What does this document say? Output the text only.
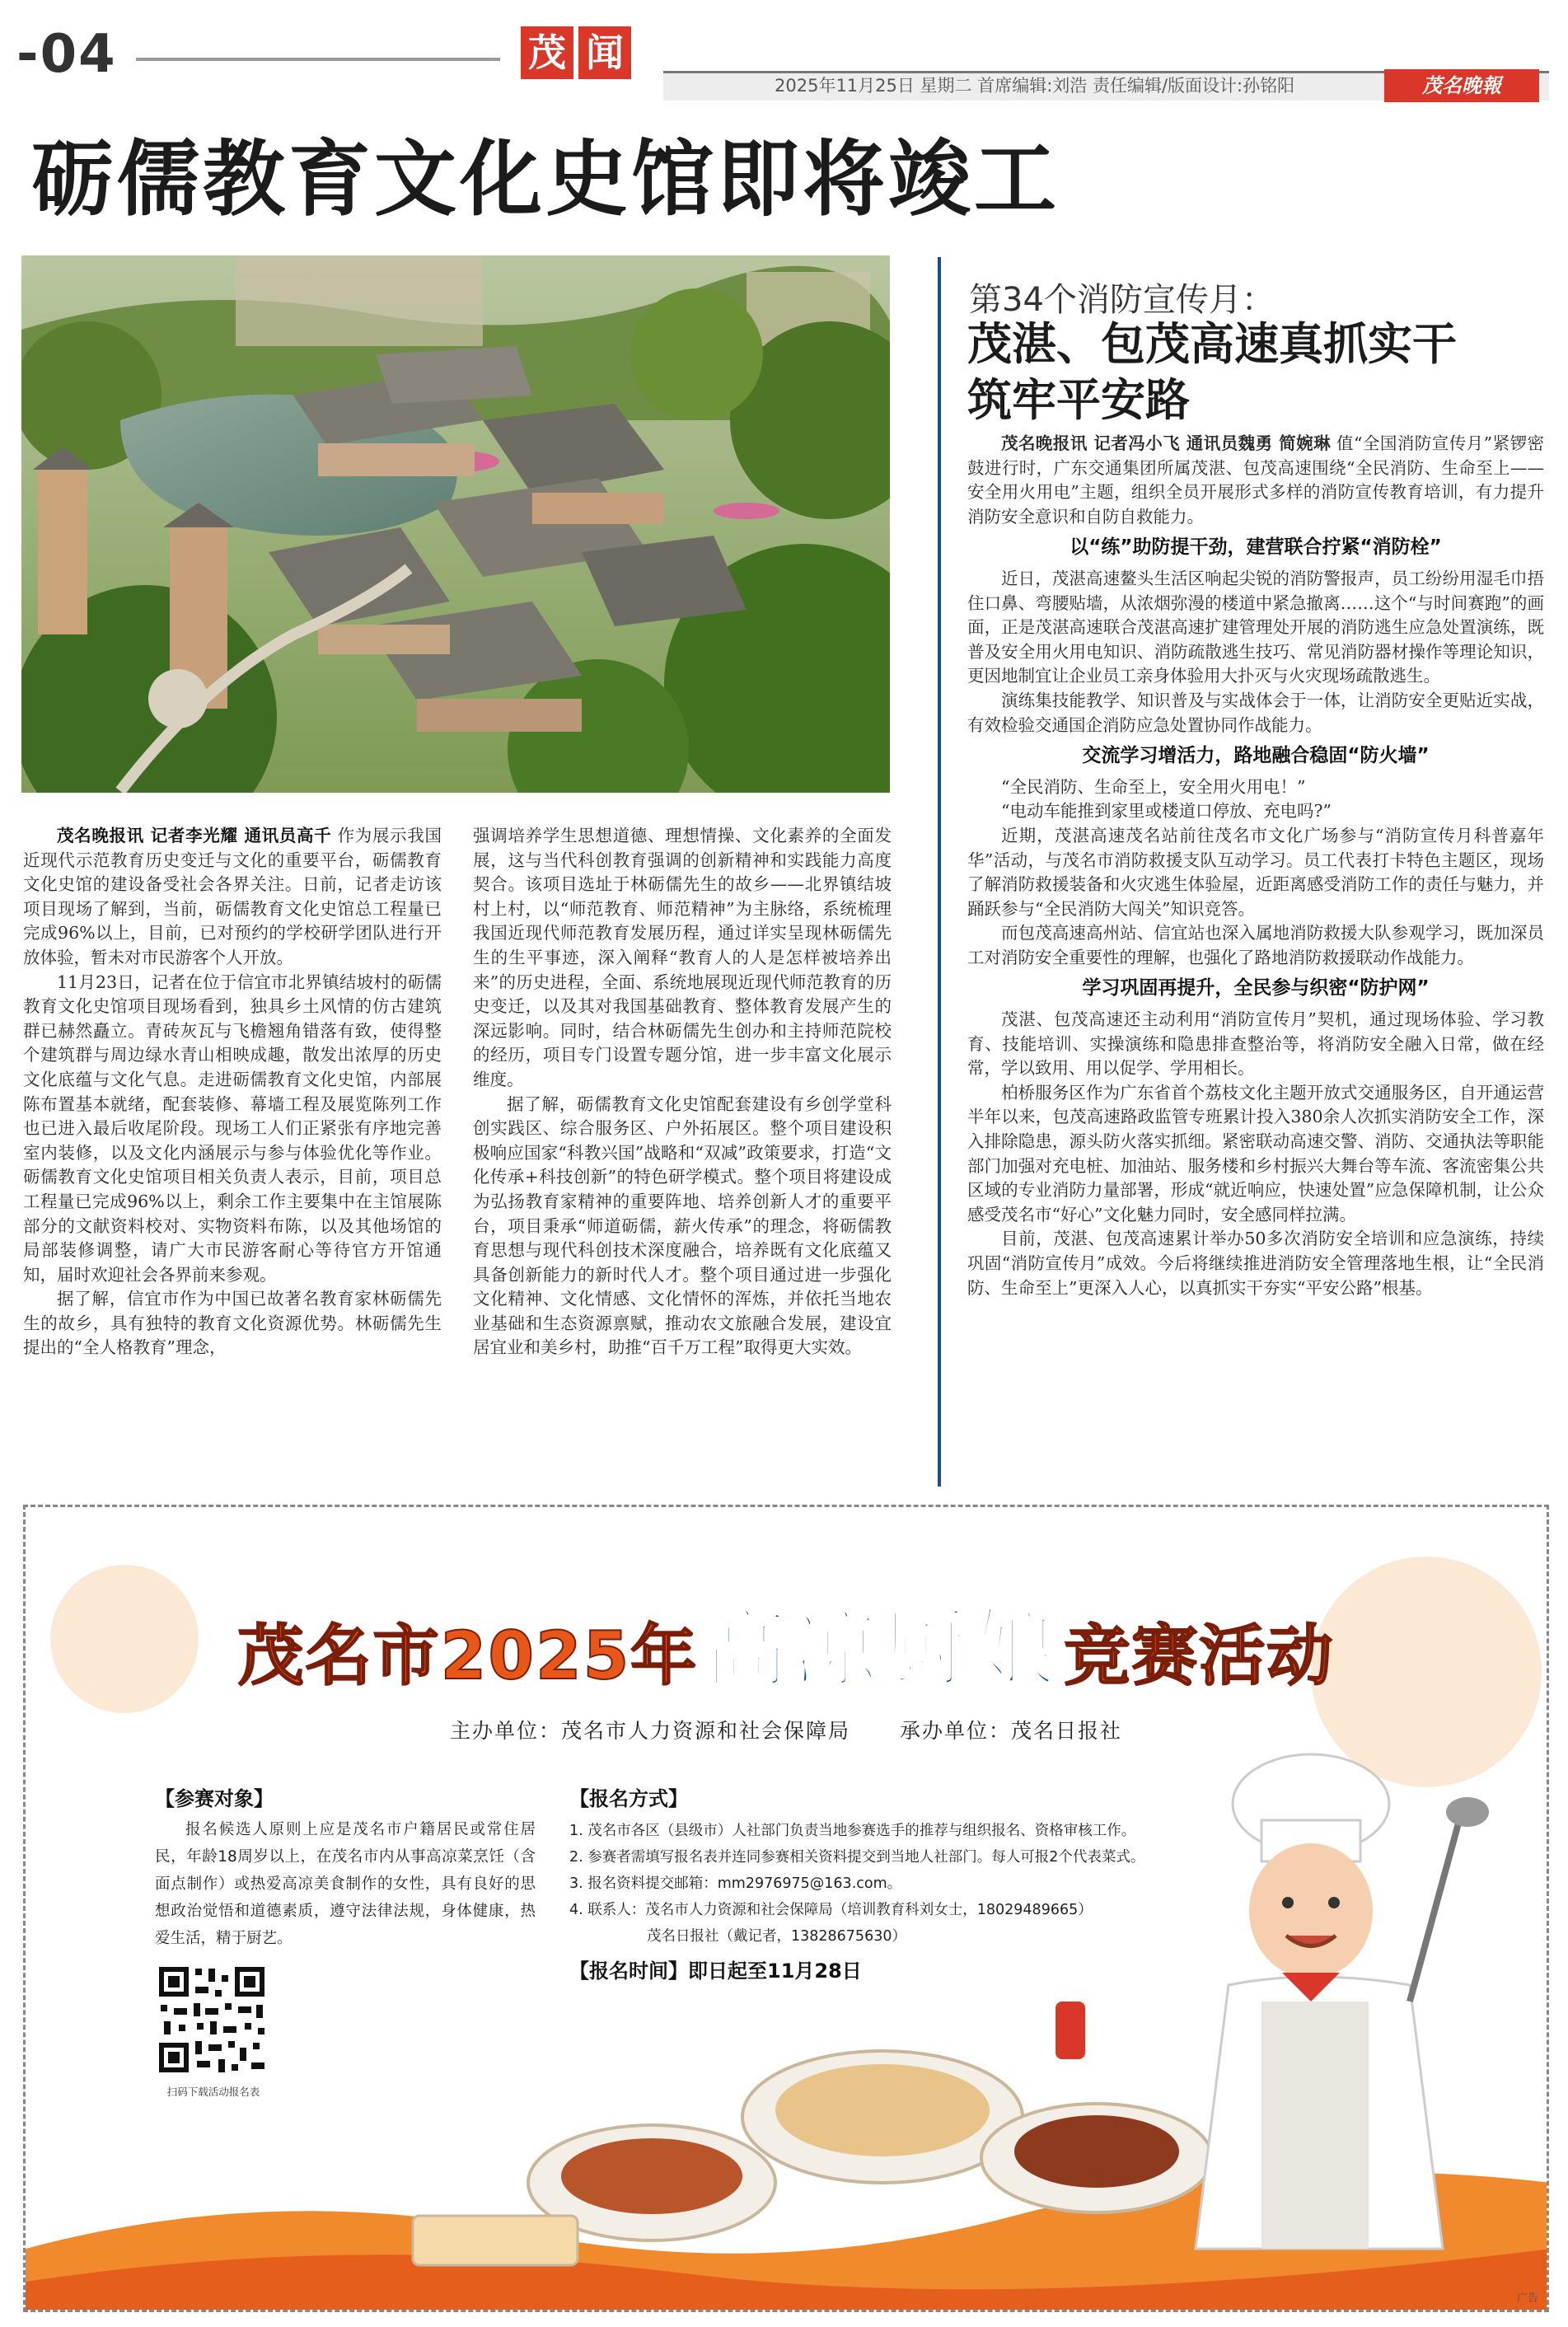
-04	茂 闻
2025年11月25日 星期二 首席编辑:刘浩 责任编辑/版面设计:孙铭阳	茂名晚報
砺儒教育文化史馆即将竣工

茂名晚报讯 记者李光耀 通讯员高千 作为展示我国近现代示范教育历史变迁与文化的重要平台，砺儒教育文化史馆的建设备受社会各界关注。日前，记者走访该项目现场了解到，当前，砺儒教育文化史馆总工程量已完成96%以上，目前，已对预约的学校研学团队进行开放体验，暂未对市民游客个人开放。

11月23日，记者在位于信宜市北界镇结坡村的砺儒教育文化史馆项目现场看到，独具乡土风情的仿古建筑群已赫然矗立。青砖灰瓦与飞檐翘角错落有致，使得整个建筑群与周边绿水青山相映成趣，散发出浓厚的历史文化底蕴与文化气息。走进砺儒教育文化史馆，内部展陈布置基本就绪，配套装修、幕墙工程及展览陈列工作也已进入最后收尾阶段。现场工人们正紧张有序地完善室内装修，以及文化内涵展示与参与体验优化等作业。砺儒教育文化史馆项目相关负责人表示，目前，项目总工程量已完成96%以上，剩余工作主要集中在主馆展陈部分的文献资料校对、实物资料布陈，以及其他场馆的局部装修调整，请广大市民游客耐心等待官方开馆通知，届时欢迎社会各界前来参观。

据了解，信宜市作为中国已故著名教育家林砺儒先生的故乡，具有独特的教育文化资源优势。林砺儒先生提出的“全人格教育”理念，

强调培养学生思想道德、理想情操、文化素养的全面发展，这与当代科创教育强调的创新精神和实践能力高度契合。该项目选址于林砺儒先生的故乡——北界镇结坡村上村，以“师范教育、师范精神”为主脉络，系统梳理我国近现代师范教育发展历程，通过详实呈现林砺儒先生的生平事迹，深入阐释“教育人的人是怎样被培养出来”的历史进程，全面、系统地展现近现代师范教育的历史变迁，以及其对我国基础教育、整体教育发展产生的深远影响。同时，结合林砺儒先生创办和主持师范院校的经历，项目专门设置专题分馆，进一步丰富文化展示维度。

据了解，砺儒教育文化史馆配套建设有乡创学堂科创实践区、综合服务区、户外拓展区。整个项目建设积极响应国家“科教兴国”战略和“双减”政策要求，打造“文化传承+科技创新”的特色研学模式。整个项目将建设成为弘扬教育家精神的重要阵地、培养创新人才的重要平台，项目秉承“师道砺儒，薪火传承”的理念，将砺儒教育思想与现代科创技术深度融合，培养既有文化底蕴又具备创新能力的新时代人才。整个项目通过进一步强化文化精神、文化情感、文化情怀的浑炼，并依托当地农业基础和生态资源禀赋，推动农文旅融合发展，建设宜居宜业和美乡村，助推“百千万工程”取得更大实效。

第34个消防宣传月：
茂湛、包茂高速真抓实干
筑牢平安路

茂名晚报讯 记者冯小飞 通讯员魏勇 简婉琳 值“全国消防宣传月”紧锣密鼓进行时，广东交通集团所属茂湛、包茂高速围绕“全民消防、生命至上——安全用火用电”主题，组织全员开展形式多样的消防宣传教育培训，有力提升消防安全意识和自防自救能力。

以“练”助防提干劲，建营联合拧紧“消防栓”

近日，茂湛高速鳌头生活区响起尖锐的消防警报声，员工纷纷用湿毛巾捂住口鼻、弯腰贴墙，从浓烟弥漫的楼道中紧急撤离……这个“与时间赛跑”的画面，正是茂湛高速联合茂湛高速扩建管理处开展的消防逃生应急处置演练，既普及安全用火用电知识、消防疏散逃生技巧、常见消防器材操作等理论知识，更因地制宜让企业员工亲身体验用大扑灭与火灾现场疏散逃生。

演练集技能教学、知识普及与实战体会于一体，让消防安全更贴近实战，有效检验交通国企消防应急处置协同作战能力。

交流学习增活力，路地融合稳固“防火墙”

“全民消防、生命至上，安全用火用电！”

“电动车能推到家里或楼道口停放、充电吗?”

近期，茂湛高速茂名站前往茂名市文化广场参与“消防宣传月科普嘉年华”活动，与茂名市消防救援支队互动学习。员工代表打卡特色主题区，现场了解消防救援装备和火灾逃生体验屋，近距离感受消防工作的责任与魅力，并踊跃参与“全民消防大闯关”知识竞答。

而包茂高速高州站、信宜站也深入属地消防救援大队参观学习，既加深员工对消防安全重要性的理解，也强化了路地消防救援联动作战能力。

学习巩固再提升，全民参与织密“防护网”

茂湛、包茂高速还主动利用“消防宣传月”契机，通过现场体验、学习教育、技能培训、实操演练和隐患排查整治等，将消防安全融入日常，做在经常，学以致用、用以促学、学用相长。

柏桥服务区作为广东省首个荔枝文化主题开放式交通服务区，自开通运营半年以来，包茂高速路政监管专班累计投入380余人次抓实消防安全工作，深入排除隐患，源头防火落实抓细。紧密联动高速交警、消防、交通执法等职能部门加强对充电桩、加油站、服务楼和乡村振兴大舞台等车流、客流密集公共区域的专业消防力量部署，形成“就近响应，快速处置”应急保障机制，让公众感受茂名市“好心”文化魅力同时，安全感同样拉满。

目前，茂湛、包茂高速累计举办50多次消防安全培训和应急演练，持续巩固“消防宣传月”成效。今后将继续推进消防安全管理落地生根，让“全民消防、生命至上”更深入人心，以真抓实干夯实“平安公路”根基。

茂名市2025年高凉厨娘竞赛活动
主办单位：茂名市人力资源和社会保障局 承办单位：茂名日报社
【参赛对象】

报名候选人原则上应是茂名市户籍居民或常住居民，年龄18周岁以上，在茂名市内从事高凉菜烹饪（含面点制作）或热爱高凉美食制作的女性，具有良好的思想政治觉悟和道德素质，遵守法律法规，身体健康，热爱生活，精于厨艺。

【报名方式】
1. 茂名市各区（县级市）人社部门负责当地参赛选手的推荐与组织报名、资格审核工作。
2. 参赛者需填写报名表并连同参赛相关资料提交到当地人社部门。每人可报2个代表菜式。
3. 报名资料提交邮箱：mm2976975@163.com。
4. 联系人：茂名市人力资源和社会保障局（培训教育科刘女士，18029489665）
茂名日报社（戴记者，13828675630）
【报名时间】即日起至11月28日
扫码下载活动报名表
广告
